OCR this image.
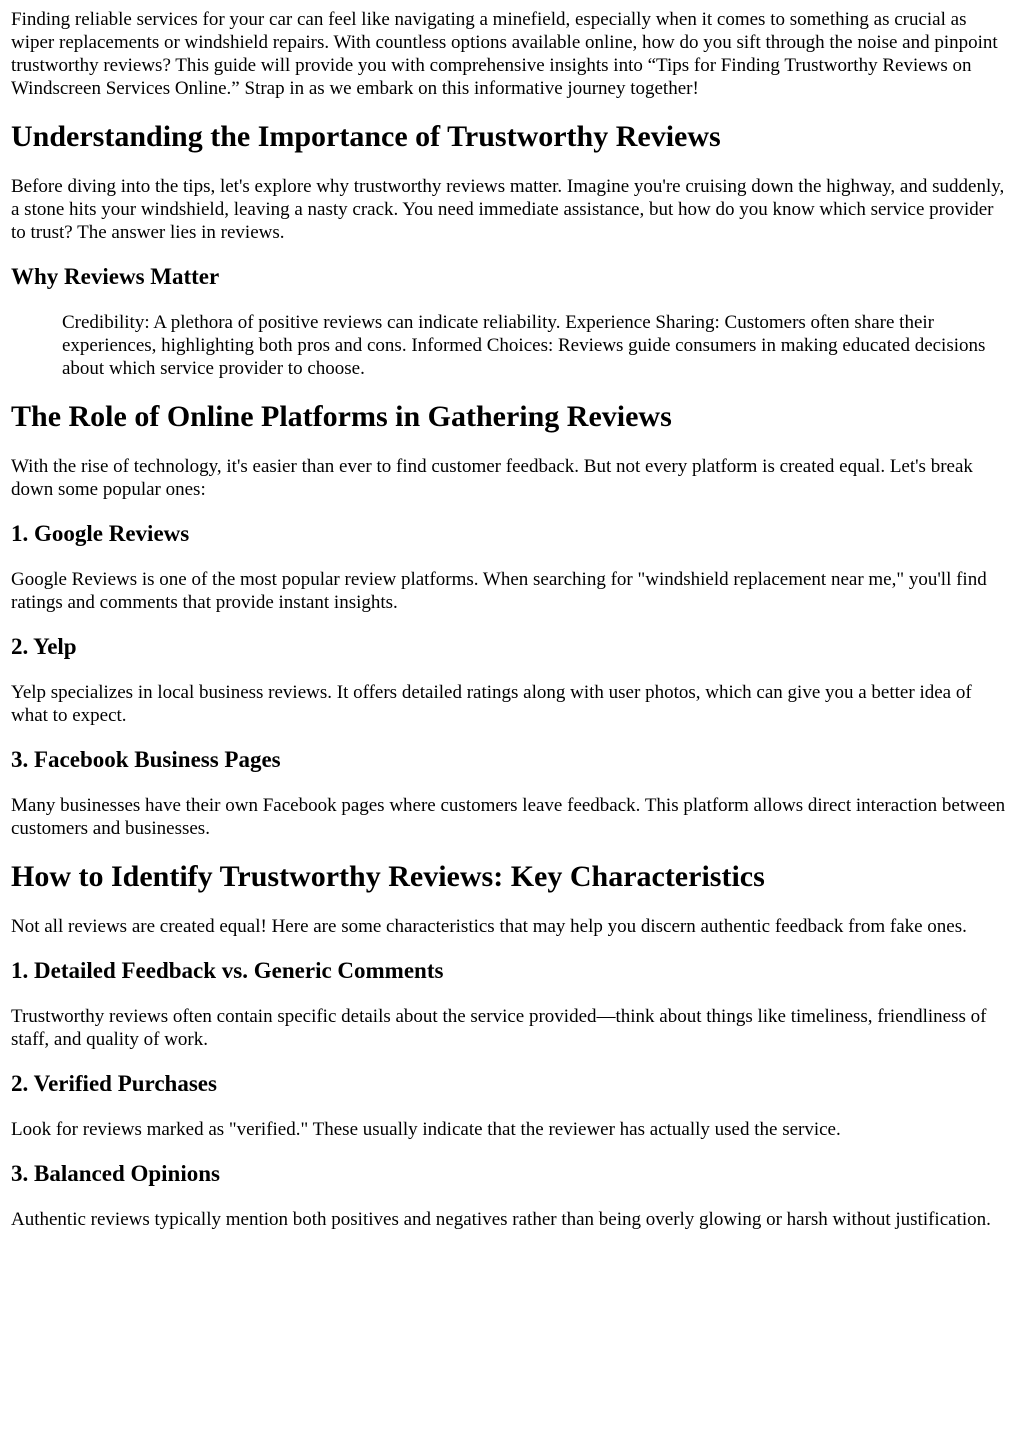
Finding reliable services for your car can feel like navigating a minefield, especially when it comes to something as crucial as wiper replacements or windshield repairs. With countless options available online, how do you sift through the noise and pinpoint trustworthy reviews? This guide will provide you with comprehensive insights into “Tips for Finding Trustworthy Reviews on Windscreen Services Online.” Strap in as we embark on this informative journey together!

Understanding the Importance of Trustworthy Reviews

Before diving into the tips, let's explore why trustworthy reviews matter. Imagine you're cruising down the highway, and suddenly, a stone hits your windshield, leaving a nasty crack. You need immediate assistance, but how do you know which service provider to trust? The answer lies in reviews.

Why Reviews Matter
Credibility: A plethora of positive reviews can indicate reliability. Experience Sharing: Customers often share their experiences, highlighting both pros and cons. Informed Choices: Reviews guide consumers in making educated decisions about which service provider to choose.
The Role of Online Platforms in Gathering Reviews

With the rise of technology, it's easier than ever to find customer feedback. But not every platform is created equal. Let's break down some popular ones:

1. Google Reviews

Google Reviews is one of the most popular review platforms. When searching for "windshield replacement near me," you'll find ratings and comments that provide instant insights.

2. Yelp

Yelp specializes in local business reviews. It offers detailed ratings along with user photos, which can give you a better idea of what to expect.

3. Facebook Business Pages

Many businesses have their own Facebook pages where customers leave feedback. This platform allows direct interaction between customers and businesses.

How to Identify Trustworthy Reviews: Key Characteristics

Not all reviews are created equal! Here are some characteristics that may help you discern authentic feedback from fake ones.

1. Detailed Feedback vs. Generic Comments

Trustworthy reviews often contain specific details about the service provided—think about things like timeliness, friendliness of staff, and quality of work.

2. Verified Purchases

Look for reviews marked as "verified." These usually indicate that the reviewer has actually used the service.

3. Balanced Opinions

Authentic reviews typically mention both positives and negatives rather than being overly glowing or harsh without justification.
